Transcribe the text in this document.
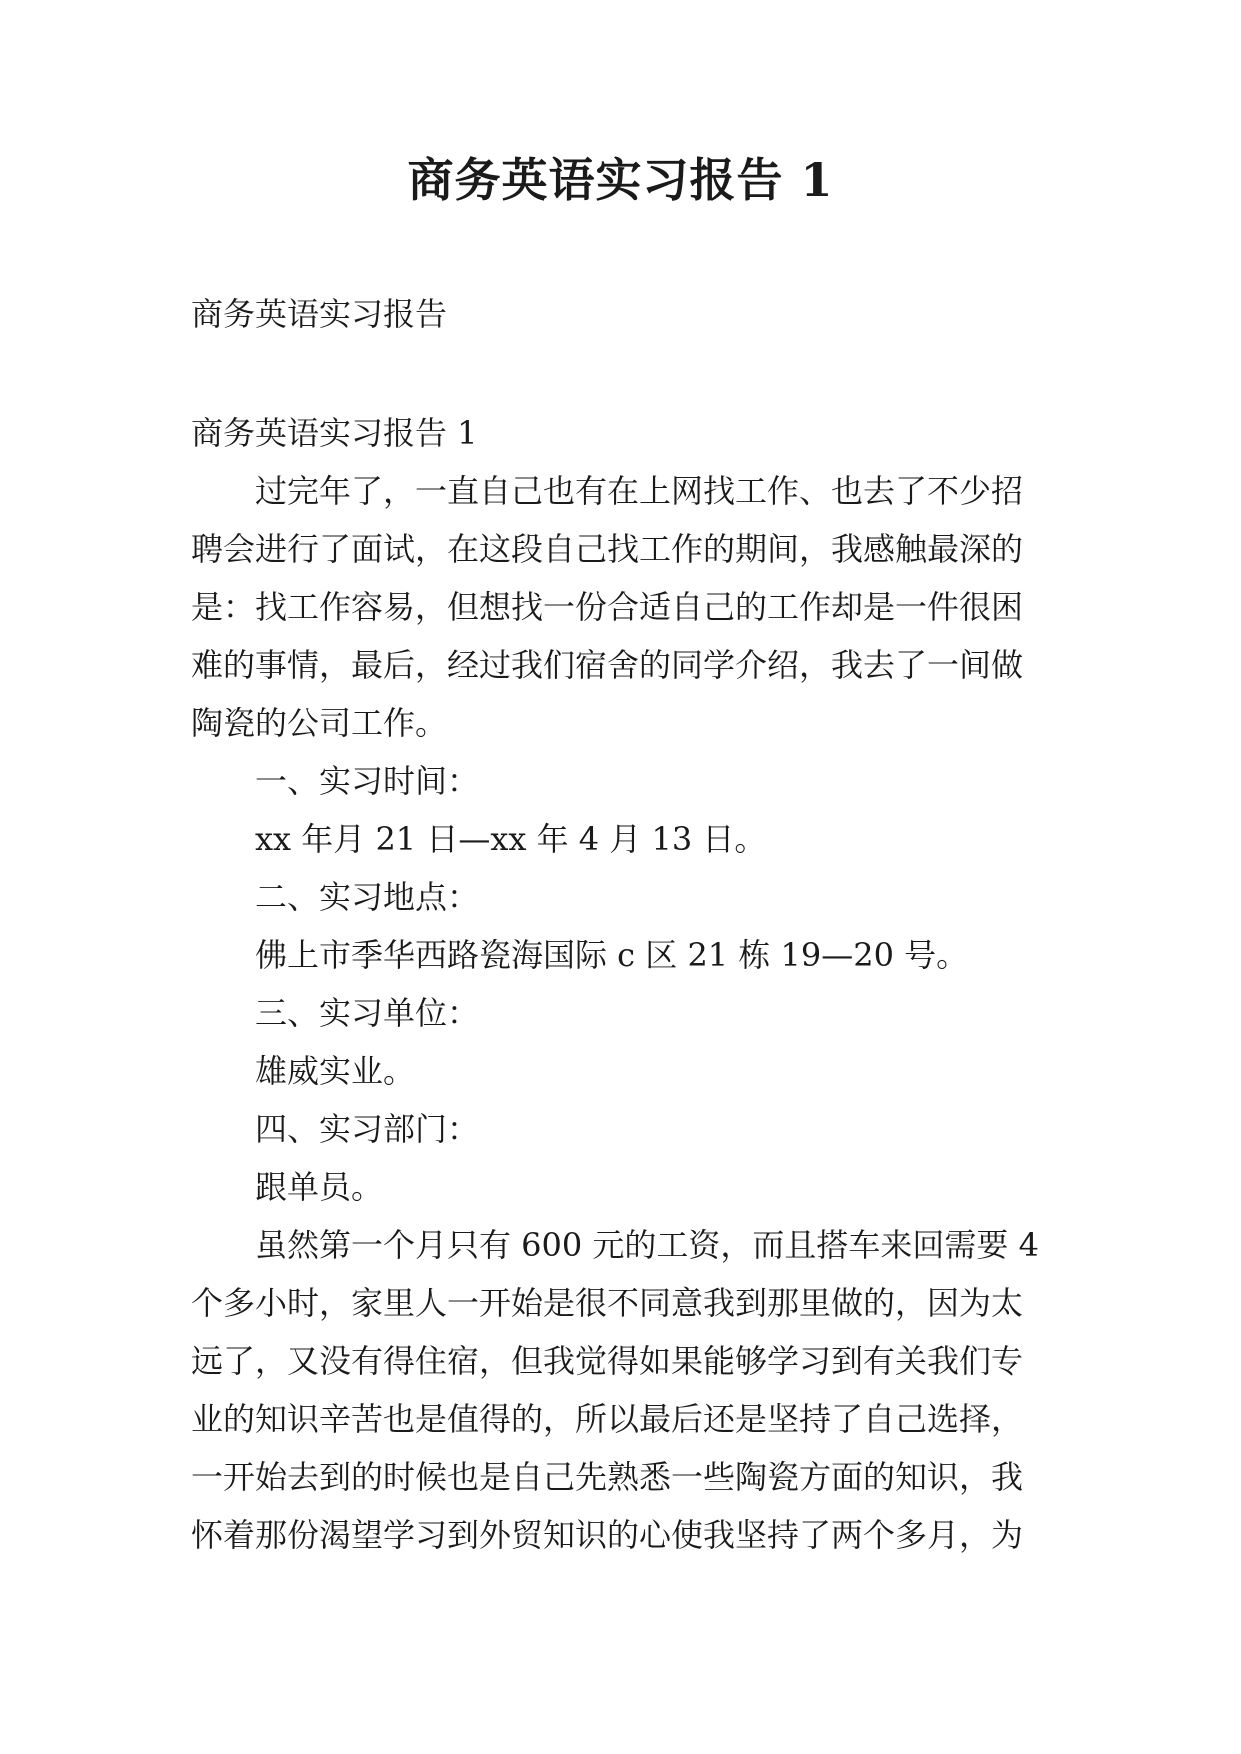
商务英语实习报告 1

商务英语实习报告

商务英语实习报告 1

过完年了，一直自己也有在上网找工作、也去了不少招

聘会进行了面试，在这段自己找工作的期间，我感触最深的

是：找工作容易，但想找一份合适自己的工作却是一件很困

难的事情，最后，经过我们宿舍的同学介绍，我去了一间做

陶瓷的公司工作。

一、实习时间：

xx 年月 21 日—xx 年 4 月 13 日。

二、实习地点：

佛上市季华西路瓷海国际 c 区 21 栋 19—20 号。

三、实习单位：

雄威实业。

四、实习部门：

跟单员。

虽然第一个月只有 600 元的工资，而且搭车来回需要 4

个多小时，家里人一开始是很不同意我到那里做的，因为太

远了，又没有得住宿，但我觉得如果能够学习到有关我们专

业的知识辛苦也是值得的，所以最后还是坚持了自己选择，

一开始去到的时候也是自己先熟悉一些陶瓷方面的知识，我

怀着那份渴望学习到外贸知识的心使我坚持了两个多月，为
